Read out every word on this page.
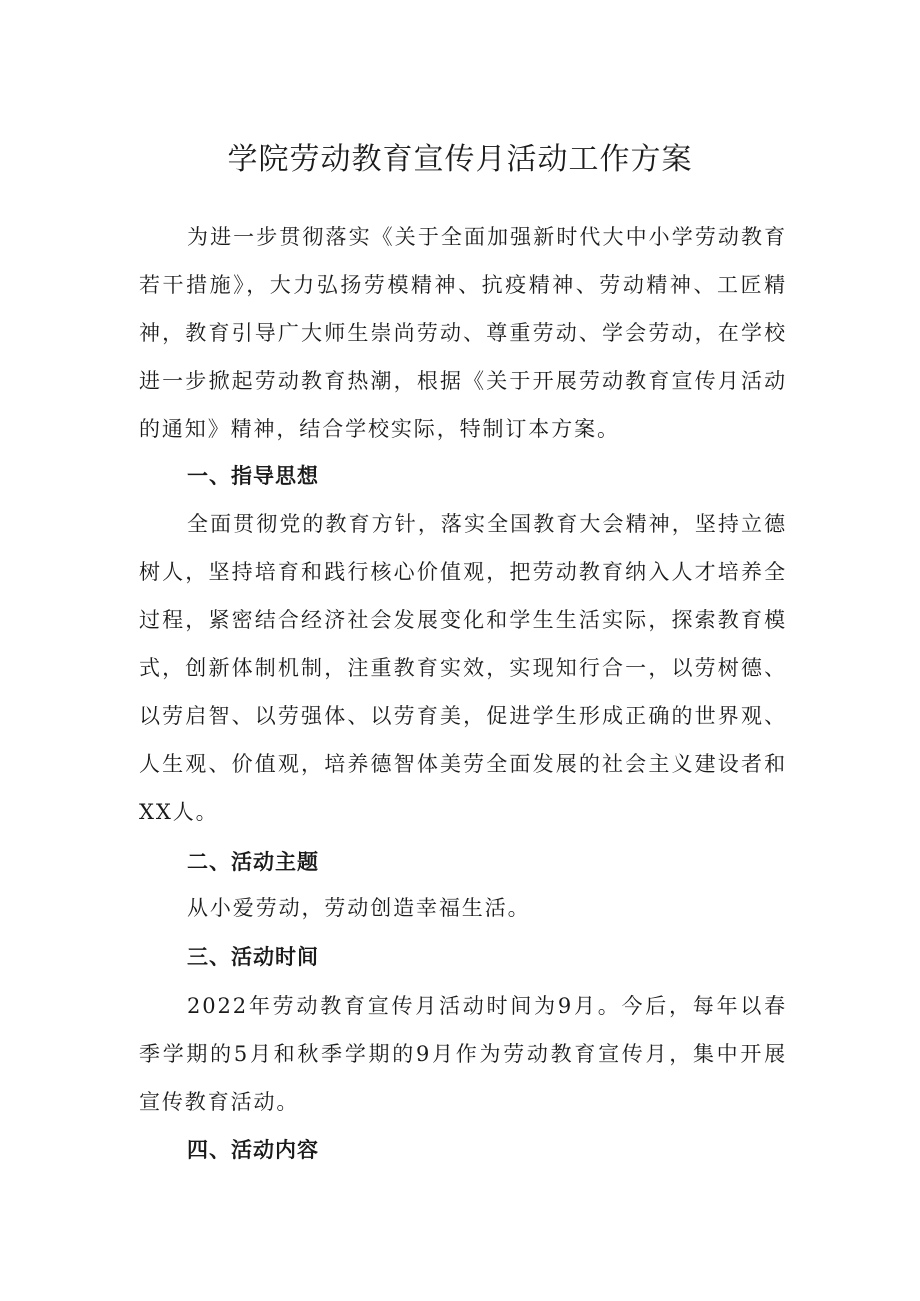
学院劳动教育宣传月活动工作方案

为进一步贯彻落实《关于全面加强新时代大中小学劳动教育若干措施》，大力弘扬劳模精神、抗疫精神、劳动精神、工匠精神，教育引导广大师生崇尚劳动、尊重劳动、学会劳动，在学校进一步掀起劳动教育热潮，根据《关于开展劳动教育宣传月活动的通知》精神，结合学校实际，特制订本方案。

一、指导思想

全面贯彻党的教育方针，落实全国教育大会精神，坚持立德树人，坚持培育和践行核心价值观，把劳动教育纳入人才培养全过程，紧密结合经济社会发展变化和学生生活实际，探索教育模式，创新体制机制，注重教育实效，实现知行合一，以劳树德、以劳启智、以劳强体、以劳育美，促进学生形成正确的世界观、人生观、价值观，培养德智体美劳全面发展的社会主义建设者和XX人。

二、活动主题

从小爱劳动，劳动创造幸福生活。

三、活动时间

2022年劳动教育宣传月活动时间为9月。今后，每年以春季学期的5月和秋季学期的9月作为劳动教育宣传月，集中开展宣传教育活动。

四、活动内容
